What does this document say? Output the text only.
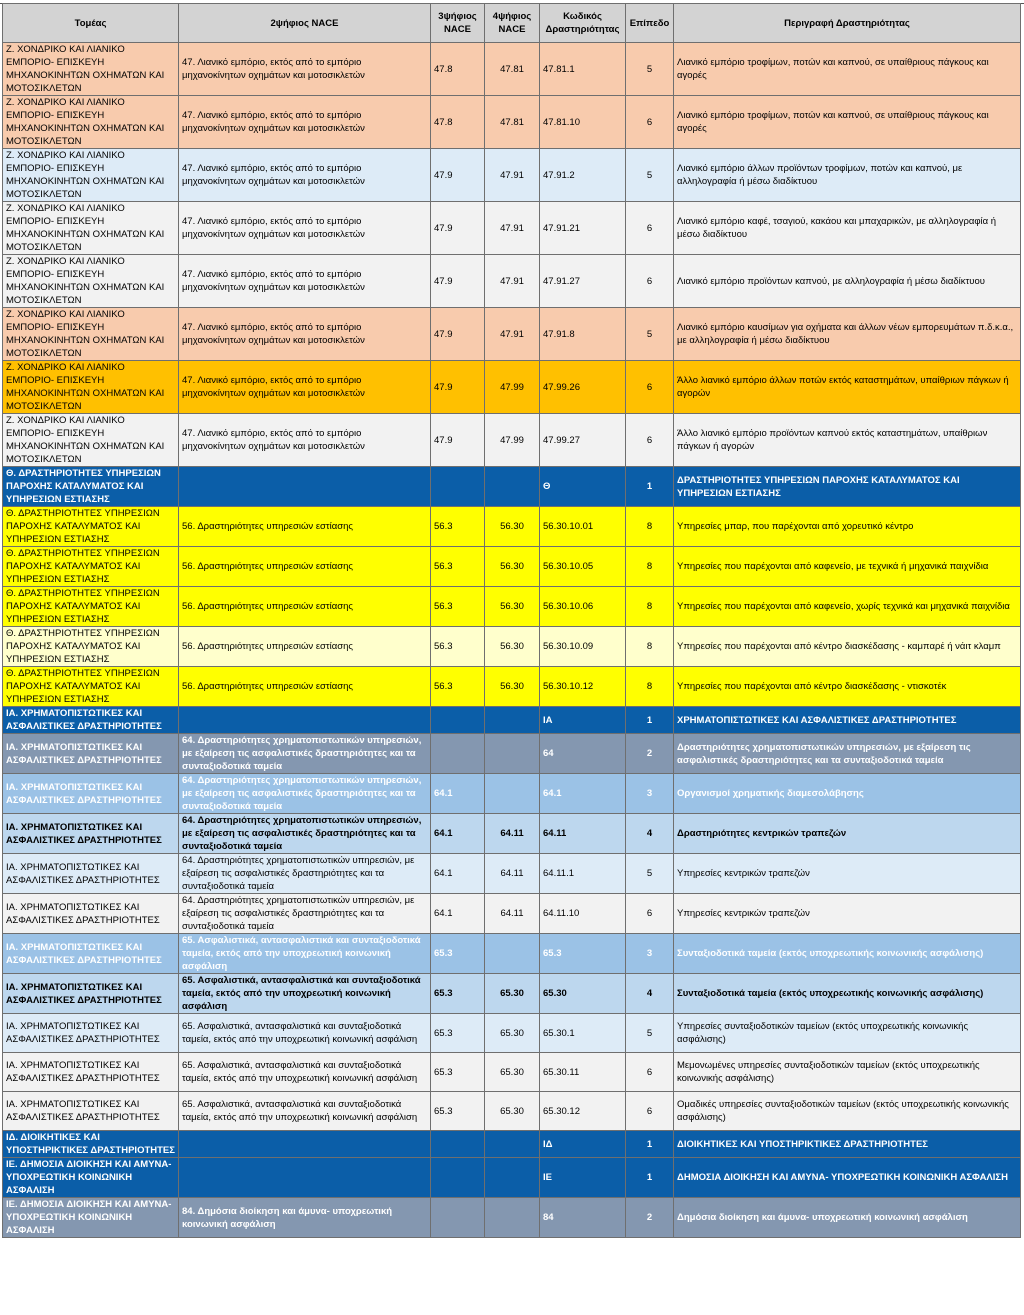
Τομέας	2ψήφιος NACE	3ψήφιος NACE	4ψήφιος NACE	Κωδικός Δραστηριότητας	Επίπεδο	Περιγραφή Δραστηριότητας
Ζ. ΧΟΝΔΡΙΚΟ ΚΑΙ ΛΙΑΝΙΚΟ ΕΜΠΟΡΙΟ- ΕΠΙΣΚΕΥΗ ΜΗΧΑΝΟΚΙΝΗΤΩΝ ΟΧΗΜΑΤΩΝ ΚΑΙ ΜΟΤΟΣΙΚΛΕΤΩΝ	47. Λιανικό εμπόριο, εκτός από το εμπόριο μηχανοκίνητων οχημάτων και μοτοσικλετών	47.8	47.81	47.81.1	5	Λιανικό εμπόριο τροφίμων, ποτών και καπνού, σε υπαίθριους πάγκους και αγορές
Ζ. ΧΟΝΔΡΙΚΟ ΚΑΙ ΛΙΑΝΙΚΟ ΕΜΠΟΡΙΟ- ΕΠΙΣΚΕΥΗ ΜΗΧΑΝΟΚΙΝΗΤΩΝ ΟΧΗΜΑΤΩΝ ΚΑΙ ΜΟΤΟΣΙΚΛΕΤΩΝ	47. Λιανικό εμπόριο, εκτός από το εμπόριο μηχανοκίνητων οχημάτων και μοτοσικλετών	47.8	47.81	47.81.10	6	Λιανικό εμπόριο τροφίμων, ποτών και καπνού, σε υπαίθριους πάγκους και αγορές
Ζ. ΧΟΝΔΡΙΚΟ ΚΑΙ ΛΙΑΝΙΚΟ ΕΜΠΟΡΙΟ- ΕΠΙΣΚΕΥΗ ΜΗΧΑΝΟΚΙΝΗΤΩΝ ΟΧΗΜΑΤΩΝ ΚΑΙ ΜΟΤΟΣΙΚΛΕΤΩΝ	47. Λιανικό εμπόριο, εκτός από το εμπόριο μηχανοκίνητων οχημάτων και μοτοσικλετών	47.9	47.91	47.91.2	5	Λιανικό εμπόριο άλλων προϊόντων τροφίμων, ποτών και καπνού, με αλληλογραφία ή μέσω διαδίκτυου
Ζ. ΧΟΝΔΡΙΚΟ ΚΑΙ ΛΙΑΝΙΚΟ ΕΜΠΟΡΙΟ- ΕΠΙΣΚΕΥΗ ΜΗΧΑΝΟΚΙΝΗΤΩΝ ΟΧΗΜΑΤΩΝ ΚΑΙ ΜΟΤΟΣΙΚΛΕΤΩΝ	47. Λιανικό εμπόριο, εκτός από το εμπόριο μηχανοκίνητων οχημάτων και μοτοσικλετών	47.9	47.91	47.91.21	6	Λιανικό εμπόριο καφέ, τσαγιού, κακάου και μπαχαρικών, με αλληλογραφία ή μέσω διαδίκτυου
Ζ. ΧΟΝΔΡΙΚΟ ΚΑΙ ΛΙΑΝΙΚΟ ΕΜΠΟΡΙΟ- ΕΠΙΣΚΕΥΗ ΜΗΧΑΝΟΚΙΝΗΤΩΝ ΟΧΗΜΑΤΩΝ ΚΑΙ ΜΟΤΟΣΙΚΛΕΤΩΝ	47. Λιανικό εμπόριο, εκτός από το εμπόριο μηχανοκίνητων οχημάτων και μοτοσικλετών	47.9	47.91	47.91.27	6	Λιανικό εμπόριο προϊόντων καπνού, με αλληλογραφία ή μέσω διαδίκτυου
Ζ. ΧΟΝΔΡΙΚΟ ΚΑΙ ΛΙΑΝΙΚΟ ΕΜΠΟΡΙΟ- ΕΠΙΣΚΕΥΗ ΜΗΧΑΝΟΚΙΝΗΤΩΝ ΟΧΗΜΑΤΩΝ ΚΑΙ ΜΟΤΟΣΙΚΛΕΤΩΝ	47. Λιανικό εμπόριο, εκτός από το εμπόριο μηχανοκίνητων οχημάτων και μοτοσικλετών	47.9	47.91	47.91.8	5	Λιανικό εμπόριο καυσίμων για οχήματα και άλλων νέων εμπορευμάτων π.δ.κ.α., με αλληλογραφία ή μέσω διαδίκτυου
Ζ. ΧΟΝΔΡΙΚΟ ΚΑΙ ΛΙΑΝΙΚΟ ΕΜΠΟΡΙΟ- ΕΠΙΣΚΕΥΗ ΜΗΧΑΝΟΚΙΝΗΤΩΝ ΟΧΗΜΑΤΩΝ ΚΑΙ ΜΟΤΟΣΙΚΛΕΤΩΝ	47. Λιανικό εμπόριο, εκτός από το εμπόριο μηχανοκίνητων οχημάτων και μοτοσικλετών	47.9	47.99	47.99.26	6	Άλλο λιανικό εμπόριο άλλων ποτών εκτός καταστημάτων, υπαίθριων πάγκων ή αγορών
Ζ. ΧΟΝΔΡΙΚΟ ΚΑΙ ΛΙΑΝΙΚΟ ΕΜΠΟΡΙΟ- ΕΠΙΣΚΕΥΗ ΜΗΧΑΝΟΚΙΝΗΤΩΝ ΟΧΗΜΑΤΩΝ ΚΑΙ ΜΟΤΟΣΙΚΛΕΤΩΝ	47. Λιανικό εμπόριο, εκτός από το εμπόριο μηχανοκίνητων οχημάτων και μοτοσικλετών	47.9	47.99	47.99.27	6	Άλλο λιανικό εμπόριο προϊόντων καπνού εκτός καταστημάτων, υπαίθριων πάγκων ή αγορών
Θ. ΔΡΑΣΤΗΡΙΟΤΗΤΕΣ ΥΠΗΡΕΣΙΩΝ ΠΑΡΟΧΗΣ ΚΑΤΑΛΥΜΑΤΟΣ ΚΑΙ ΥΠΗΡΕΣΙΩΝ ΕΣΤΙΑΣΗΣ				Θ	1	ΔΡΑΣΤΗΡΙΟΤΗΤΕΣ ΥΠΗΡΕΣΙΩΝ ΠΑΡΟΧΗΣ ΚΑΤΑΛΥΜΑΤΟΣ ΚΑΙ ΥΠΗΡΕΣΙΩΝ ΕΣΤΙΑΣΗΣ
Θ. ΔΡΑΣΤΗΡΙΟΤΗΤΕΣ ΥΠΗΡΕΣΙΩΝ ΠΑΡΟΧΗΣ ΚΑΤΑΛΥΜΑΤΟΣ ΚΑΙ ΥΠΗΡΕΣΙΩΝ ΕΣΤΙΑΣΗΣ	56. Δραστηριότητες υπηρεσιών εστίασης	56.3	56.30	56.30.10.01	8	Υπηρεσίες μπαρ, που παρέχονται από χορευτικό κέντρο
Θ. ΔΡΑΣΤΗΡΙΟΤΗΤΕΣ ΥΠΗΡΕΣΙΩΝ ΠΑΡΟΧΗΣ ΚΑΤΑΛΥΜΑΤΟΣ ΚΑΙ ΥΠΗΡΕΣΙΩΝ ΕΣΤΙΑΣΗΣ	56. Δραστηριότητες υπηρεσιών εστίασης	56.3	56.30	56.30.10.05	8	Υπηρεσίες που παρέχονται από καφενείο, με τεχνικά ή μηχανικά παιχνίδια
Θ. ΔΡΑΣΤΗΡΙΟΤΗΤΕΣ ΥΠΗΡΕΣΙΩΝ ΠΑΡΟΧΗΣ ΚΑΤΑΛΥΜΑΤΟΣ ΚΑΙ ΥΠΗΡΕΣΙΩΝ ΕΣΤΙΑΣΗΣ	56. Δραστηριότητες υπηρεσιών εστίασης	56.3	56.30	56.30.10.06	8	Υπηρεσίες που παρέχονται από καφενείο, χωρίς τεχνικά και μηχανικά παιχνίδια
Θ. ΔΡΑΣΤΗΡΙΟΤΗΤΕΣ ΥΠΗΡΕΣΙΩΝ ΠΑΡΟΧΗΣ ΚΑΤΑΛΥΜΑΤΟΣ ΚΑΙ ΥΠΗΡΕΣΙΩΝ ΕΣΤΙΑΣΗΣ	56. Δραστηριότητες υπηρεσιών εστίασης	56.3	56.30	56.30.10.09	8	Υπηρεσίες που παρέχονται από κέντρο διασκέδασης - καμπαρέ ή νάιτ κλαμπ
Θ. ΔΡΑΣΤΗΡΙΟΤΗΤΕΣ ΥΠΗΡΕΣΙΩΝ ΠΑΡΟΧΗΣ ΚΑΤΑΛΥΜΑΤΟΣ ΚΑΙ ΥΠΗΡΕΣΙΩΝ ΕΣΤΙΑΣΗΣ	56. Δραστηριότητες υπηρεσιών εστίασης	56.3	56.30	56.30.10.12	8	Υπηρεσίες που παρέχονται από κέντρο διασκέδασης - ντισκοτέκ
ΙΑ. ΧΡΗΜΑΤΟΠΙΣΤΩΤΙΚΕΣ ΚΑΙ ΑΣΦΑΛΙΣΤΙΚΕΣ ΔΡΑΣΤΗΡΙΟΤΗΤΕΣ				ΙΑ	1	ΧΡΗΜΑΤΟΠΙΣΤΩΤΙΚΕΣ ΚΑΙ ΑΣΦΑΛΙΣΤΙΚΕΣ ΔΡΑΣΤΗΡΙΟΤΗΤΕΣ
ΙΑ. ΧΡΗΜΑΤΟΠΙΣΤΩΤΙΚΕΣ ΚΑΙ ΑΣΦΑΛΙΣΤΙΚΕΣ ΔΡΑΣΤΗΡΙΟΤΗΤΕΣ	64. Δραστηριότητες χρηματοπιστωτικών υπηρεσιών, με εξαίρεση τις ασφαλιστικές δραστηριότητες και τα συνταξιοδοτικά ταμεία			64	2	Δραστηριότητες χρηματοπιστωτικών υπηρεσιών, με εξαίρεση τις ασφαλιστικές δραστηριότητες και τα συνταξιοδοτικά ταμεία
ΙΑ. ΧΡΗΜΑΤΟΠΙΣΤΩΤΙΚΕΣ ΚΑΙ ΑΣΦΑΛΙΣΤΙΚΕΣ ΔΡΑΣΤΗΡΙΟΤΗΤΕΣ	64. Δραστηριότητες χρηματοπιστωτικών υπηρεσιών, με εξαίρεση τις ασφαλιστικές δραστηριότητες και τα συνταξιοδοτικά ταμεία	64.1		64.1	3	Οργανισμοί χρηματικής διαμεσολάβησης
ΙΑ. ΧΡΗΜΑΤΟΠΙΣΤΩΤΙΚΕΣ ΚΑΙ ΑΣΦΑΛΙΣΤΙΚΕΣ ΔΡΑΣΤΗΡΙΟΤΗΤΕΣ	64. Δραστηριότητες χρηματοπιστωτικών υπηρεσιών, με εξαίρεση τις ασφαλιστικές δραστηριότητες και τα συνταξιοδοτικά ταμεία	64.1	64.11	64.11	4	Δραστηριότητες κεντρικών τραπεζών
ΙΑ. ΧΡΗΜΑΤΟΠΙΣΤΩΤΙΚΕΣ ΚΑΙ ΑΣΦΑΛΙΣΤΙΚΕΣ ΔΡΑΣΤΗΡΙΟΤΗΤΕΣ	64. Δραστηριότητες χρηματοπιστωτικών υπηρεσιών, με εξαίρεση τις ασφαλιστικές δραστηριότητες και τα συνταξιοδοτικά ταμεία	64.1	64.11	64.11.1	5	Υπηρεσίες κεντρικών τραπεζών
ΙΑ. ΧΡΗΜΑΤΟΠΙΣΤΩΤΙΚΕΣ ΚΑΙ ΑΣΦΑΛΙΣΤΙΚΕΣ ΔΡΑΣΤΗΡΙΟΤΗΤΕΣ	64. Δραστηριότητες χρηματοπιστωτικών υπηρεσιών, με εξαίρεση τις ασφαλιστικές δραστηριότητες και τα συνταξιοδοτικά ταμεία	64.1	64.11	64.11.10	6	Υπηρεσίες κεντρικών τραπεζών
ΙΑ. ΧΡΗΜΑΤΟΠΙΣΤΩΤΙΚΕΣ ΚΑΙ ΑΣΦΑΛΙΣΤΙΚΕΣ ΔΡΑΣΤΗΡΙΟΤΗΤΕΣ	65. Ασφαλιστικά, αντασφαλιστικά και συνταξιοδοτικά ταμεία, εκτός από την υποχρεωτική κοινωνική ασφάλιση	65.3		65.3	3	Συνταξιοδοτικά ταμεία (εκτός υποχρεωτικής κοινωνικής ασφάλισης)
ΙΑ. ΧΡΗΜΑΤΟΠΙΣΤΩΤΙΚΕΣ ΚΑΙ ΑΣΦΑΛΙΣΤΙΚΕΣ ΔΡΑΣΤΗΡΙΟΤΗΤΕΣ	65. Ασφαλιστικά, αντασφαλιστικά και συνταξιοδοτικά ταμεία, εκτός από την υποχρεωτική κοινωνική ασφάλιση	65.3	65.30	65.30	4	Συνταξιοδοτικά ταμεία (εκτός υποχρεωτικής κοινωνικής ασφάλισης)
ΙΑ. ΧΡΗΜΑΤΟΠΙΣΤΩΤΙΚΕΣ ΚΑΙ ΑΣΦΑΛΙΣΤΙΚΕΣ ΔΡΑΣΤΗΡΙΟΤΗΤΕΣ	65. Ασφαλιστικά, αντασφαλιστικά και συνταξιοδοτικά ταμεία, εκτός από την υποχρεωτική κοινωνική ασφάλιση	65.3	65.30	65.30.1	5	Υπηρεσίες συνταξιοδοτικών ταμείων (εκτός υποχρεωτικής κοινωνικής ασφάλισης)
ΙΑ. ΧΡΗΜΑΤΟΠΙΣΤΩΤΙΚΕΣ ΚΑΙ ΑΣΦΑΛΙΣΤΙΚΕΣ ΔΡΑΣΤΗΡΙΟΤΗΤΕΣ	65. Ασφαλιστικά, αντασφαλιστικά και συνταξιοδοτικά ταμεία, εκτός από την υποχρεωτική κοινωνική ασφάλιση	65.3	65.30	65.30.11	6	Μεμονωμένες υπηρεσίες συνταξιοδοτικών ταμείων (εκτός υποχρεωτικής κοινωνικής ασφάλισης)
ΙΑ. ΧΡΗΜΑΤΟΠΙΣΤΩΤΙΚΕΣ ΚΑΙ ΑΣΦΑΛΙΣΤΙΚΕΣ ΔΡΑΣΤΗΡΙΟΤΗΤΕΣ	65. Ασφαλιστικά, αντασφαλιστικά και συνταξιοδοτικά ταμεία, εκτός από την υποχρεωτική κοινωνική ασφάλιση	65.3	65.30	65.30.12	6	Ομαδικές υπηρεσίες συνταξιοδοτικών ταμείων (εκτός υποχρεωτικής κοινωνικής ασφάλισης)
ΙΔ. ΔΙΟΙΚΗΤΙΚΕΣ ΚΑΙ ΥΠΟΣΤΗΡΙΚΤΙΚΕΣ ΔΡΑΣΤΗΡΙΟΤΗΤΕΣ				ΙΔ	1	ΔΙΟΙΚΗΤΙΚΕΣ ΚΑΙ ΥΠΟΣΤΗΡΙΚΤΙΚΕΣ ΔΡΑΣΤΗΡΙΟΤΗΤΕΣ
ΙΕ. ΔΗΜΟΣΙΑ ΔΙΟΙΚΗΣΗ ΚΑΙ ΑΜΥΝΑ- ΥΠΟΧΡΕΩΤΙΚΗ ΚΟΙΝΩΝΙΚΗ ΑΣΦΑΛΙΣΗ				ΙΕ	1	ΔΗΜΟΣΙΑ ΔΙΟΙΚΗΣΗ ΚΑΙ ΑΜΥΝΑ- ΥΠΟΧΡΕΩΤΙΚΗ ΚΟΙΝΩΝΙΚΗ ΑΣΦΑΛΙΣΗ
ΙΕ. ΔΗΜΟΣΙΑ ΔΙΟΙΚΗΣΗ ΚΑΙ ΑΜΥΝΑ- ΥΠΟΧΡΕΩΤΙΚΗ ΚΟΙΝΩΝΙΚΗ ΑΣΦΑΛΙΣΗ	84. Δημόσια διοίκηση και άμυνα- υποχρεωτική κοινωνική ασφάλιση			84	2	Δημόσια διοίκηση και άμυνα- υποχρεωτική κοινωνική ασφάλιση
